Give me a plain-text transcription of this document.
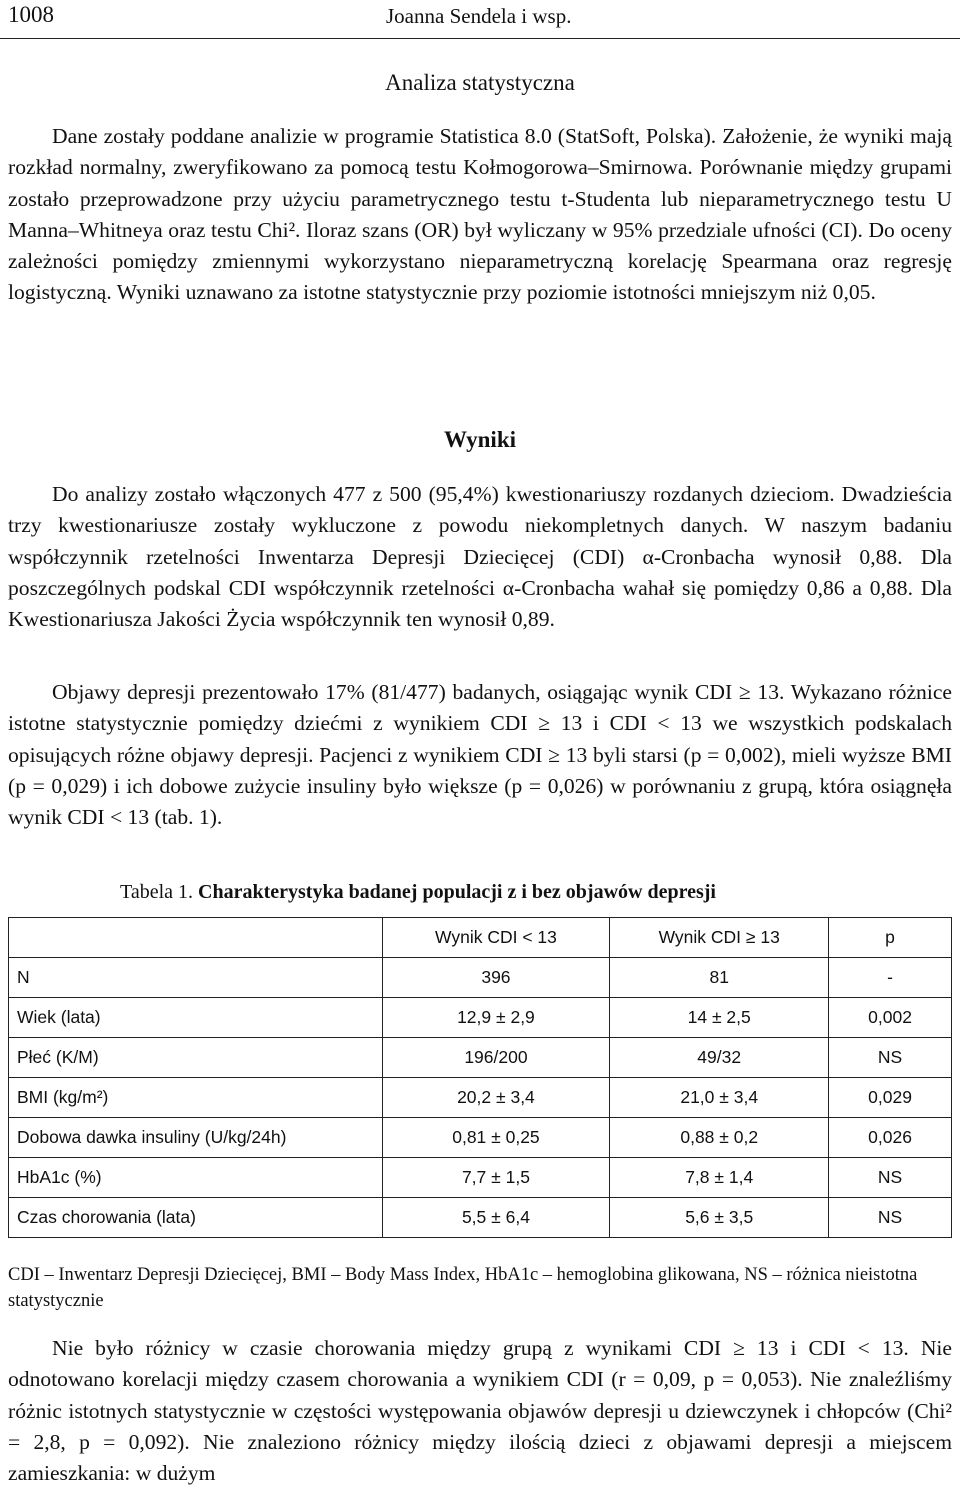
1008	Joanna Sendela i wsp.
Analiza statystyczna

Dane zostały poddane analizie w programie Statistica 8.0 (StatSoft, Polska). Założenie, że wyniki mają rozkład normalny, zweryfikowano za pomocą testu Kołmogorowa–Smirnowa. Porównanie między grupami zostało przeprowadzone przy użyciu parametrycznego testu t-Studenta lub nieparametrycznego testu U Manna–Whitneya oraz testu Chi². Iloraz szans (OR) był wyliczany w 95% przedziale ufności (CI). Do oceny zależności pomiędzy zmiennymi wykorzystano nieparametryczną korelację Spearmana oraz regresję logistyczną. Wyniki uznawano za istotne statystycznie przy poziomie istotności mniejszym niż 0,05.

Wyniki

Do analizy zostało włączonych 477 z 500 (95,4%) kwestionariuszy rozdanych dzieciom. Dwadzieścia trzy kwestionariusze zostały wykluczone z powodu niekompletnych danych. W naszym badaniu współczynnik rzetelności Inwentarza Depresji Dziecięcej (CDI) α-Cronbacha wynosił 0,88. Dla poszczególnych podskal CDI współczynnik rzetelności α-Cronbacha wahał się pomiędzy 0,86 a 0,88. Dla Kwestionariusza Jakości Życia współczynnik ten wynosił 0,89.

Objawy depresji prezentowało 17% (81/477) badanych, osiągając wynik CDI ≥ 13. Wykazano różnice istotne statystycznie pomiędzy dziećmi z wynikiem CDI ≥ 13 i CDI < 13 we wszystkich podskalach opisujących różne objawy depresji. Pacjenci z wynikiem CDI ≥ 13 byli starsi (p = 0,002), mieli wyższe BMI (p = 0,029) i ich dobowe zużycie insuliny było większe (p = 0,026) w porównaniu z grupą, która osiągnęła wynik CDI < 13 (tab. 1).

Tabela 1. Charakterystyka badanej populacji z i bez objawów depresji
	Wynik CDI < 13	Wynik CDI ≥ 13	p
N	396	81	-
Wiek (lata)	12,9 ± 2,9	14 ± 2,5	0,002
Płeć (K/M)	196/200	49/32	NS
BMI (kg/m²)	20,2 ± 3,4	21,0 ± 3,4	0,029
Dobowa dawka insuliny (U/kg/24h)	0,81 ± 0,25	0,88 ± 0,2	0,026
HbA1c (%)	7,7 ± 1,5	7,8 ± 1,4	NS
Czas chorowania (lata)	5,5 ± 6,4	5,6 ± 3,5	NS

CDI – Inwentarz Depresji Dziecięcej, BMI – Body Mass Index, HbA1c – hemoglobina glikowana, NS – różnica nieistotna statystycznie

Nie było różnicy w czasie chorowania między grupą z wynikami CDI ≥ 13 i CDI < 13. Nie odnotowano korelacji między czasem chorowania a wynikiem CDI (r = 0,09, p = 0,053). Nie znaleźliśmy różnic istotnych statystycznie w częstości występowania objawów depresji u dziewczynek i chłopców (Chi² = 2,8, p = 0,092). Nie znaleziono różnicy między ilością dzieci z objawami depresji a miejscem zamieszkania: w dużym
